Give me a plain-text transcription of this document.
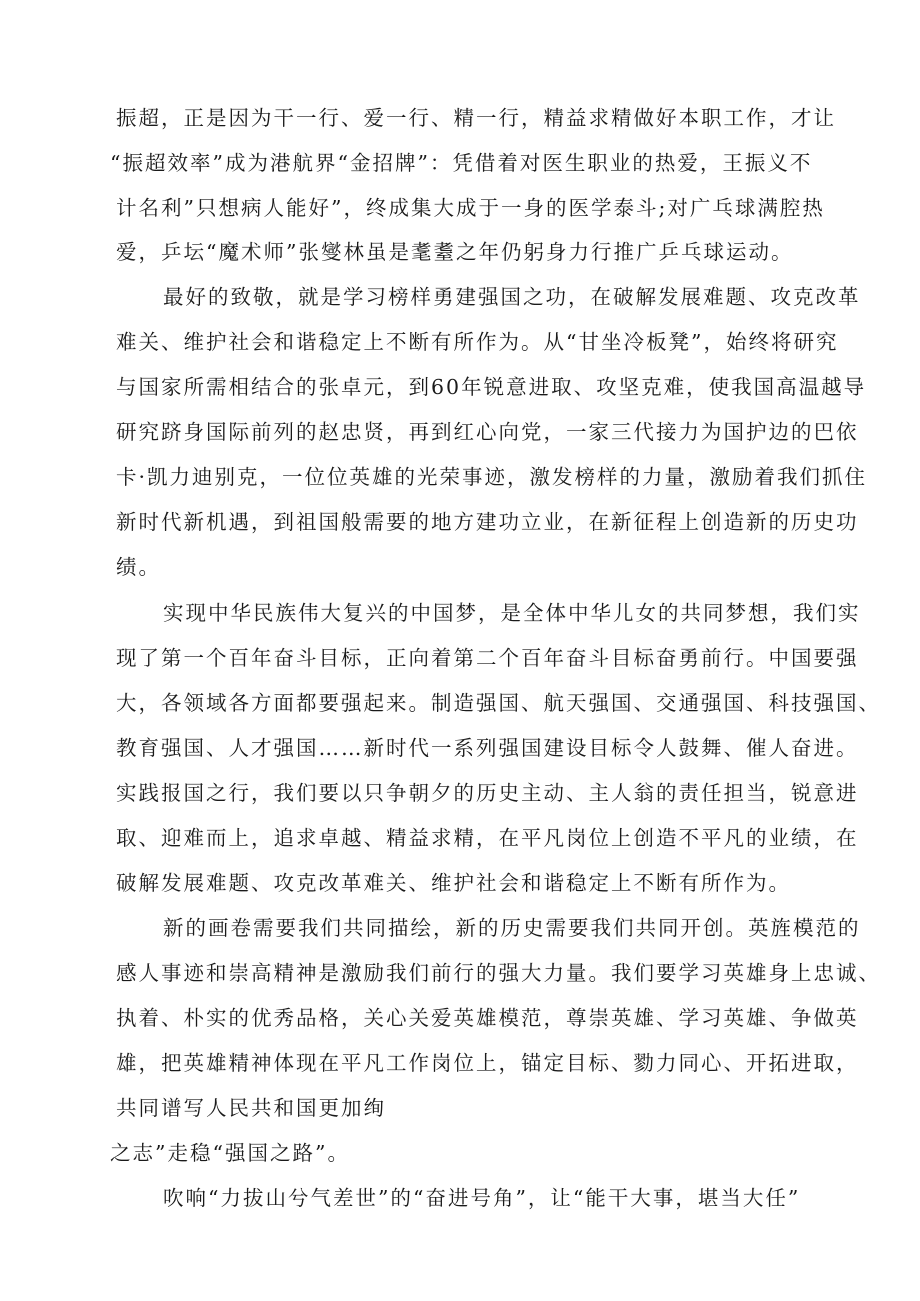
振超，正是因为干一行、爱一行、精一行，精益求精做好本职工作，才让
“振超效率”成为港航界“金招牌”：凭借着对医生职业的热爱，王振义不
计名利”只想病人能好”，终成集大成于一身的医学泰斗;对广乓球满腔热
爱，乒坛“魔术师”张燮林虽是耄耋之年仍躬身力行推广乒乓球运动。
最好的致敬，就是学习榜样勇建强国之功，在破解发展难题、攻克改革
难关、维护社会和谐稳定上不断有所作为。从“甘坐冷板凳”，始终将研究
与国家所需相结合的张卓元，到60年锐意进取、攻坚克难，使我国高温越导
研究跻身国际前列的赵忠贤，再到红心向党，一家三代接力为国护边的巴依
卡·凯力迪别克，一位位英雄的光荣事迹，激发榜样的力量，激励着我们抓住
新时代新机遇，到祖国般需要的地方建功立业，在新征程上创造新的历史功
绩。
实现中华民族伟大复兴的中国梦，是全体中华儿女的共同梦想，我们实
现了第一个百年奋斗目标，正向着第二个百年奋斗目标奋勇前行。中国要强
大，各领域各方面都要强起来。制造强国、航天强国、交通强国、科技强国、
教育强国、人才强国……新时代一系列强国建设目标令人鼓舞、催人奋进。
实践报国之行，我们要以只争朝夕的历史主动、主人翁的责任担当，锐意进
取、迎难而上，追求卓越、精益求精，在平凡岗位上创造不平凡的业绩，在
破解发展难题、攻克改革难关、维护社会和谐稳定上不断有所作为。
新的画卷需要我们共同描绘，新的历史需要我们共同开创。英旌模范的
感人事迹和崇高精神是激励我们前行的强大力量。我们要学习英雄身上忠诚、
执着、朴实的优秀品格，关心关爱英雄模范，尊崇英雄、学习英雄、争做英
雄，把英雄精神体现在平凡工作岗位上，锚定目标、勠力同心、开拓进取，
共同谱写人民共和国更加绚
之志”走稳“强国之路”。
吹响“力拔山兮气差世”的“奋进号角”，让“能干大事，堪当大任”
